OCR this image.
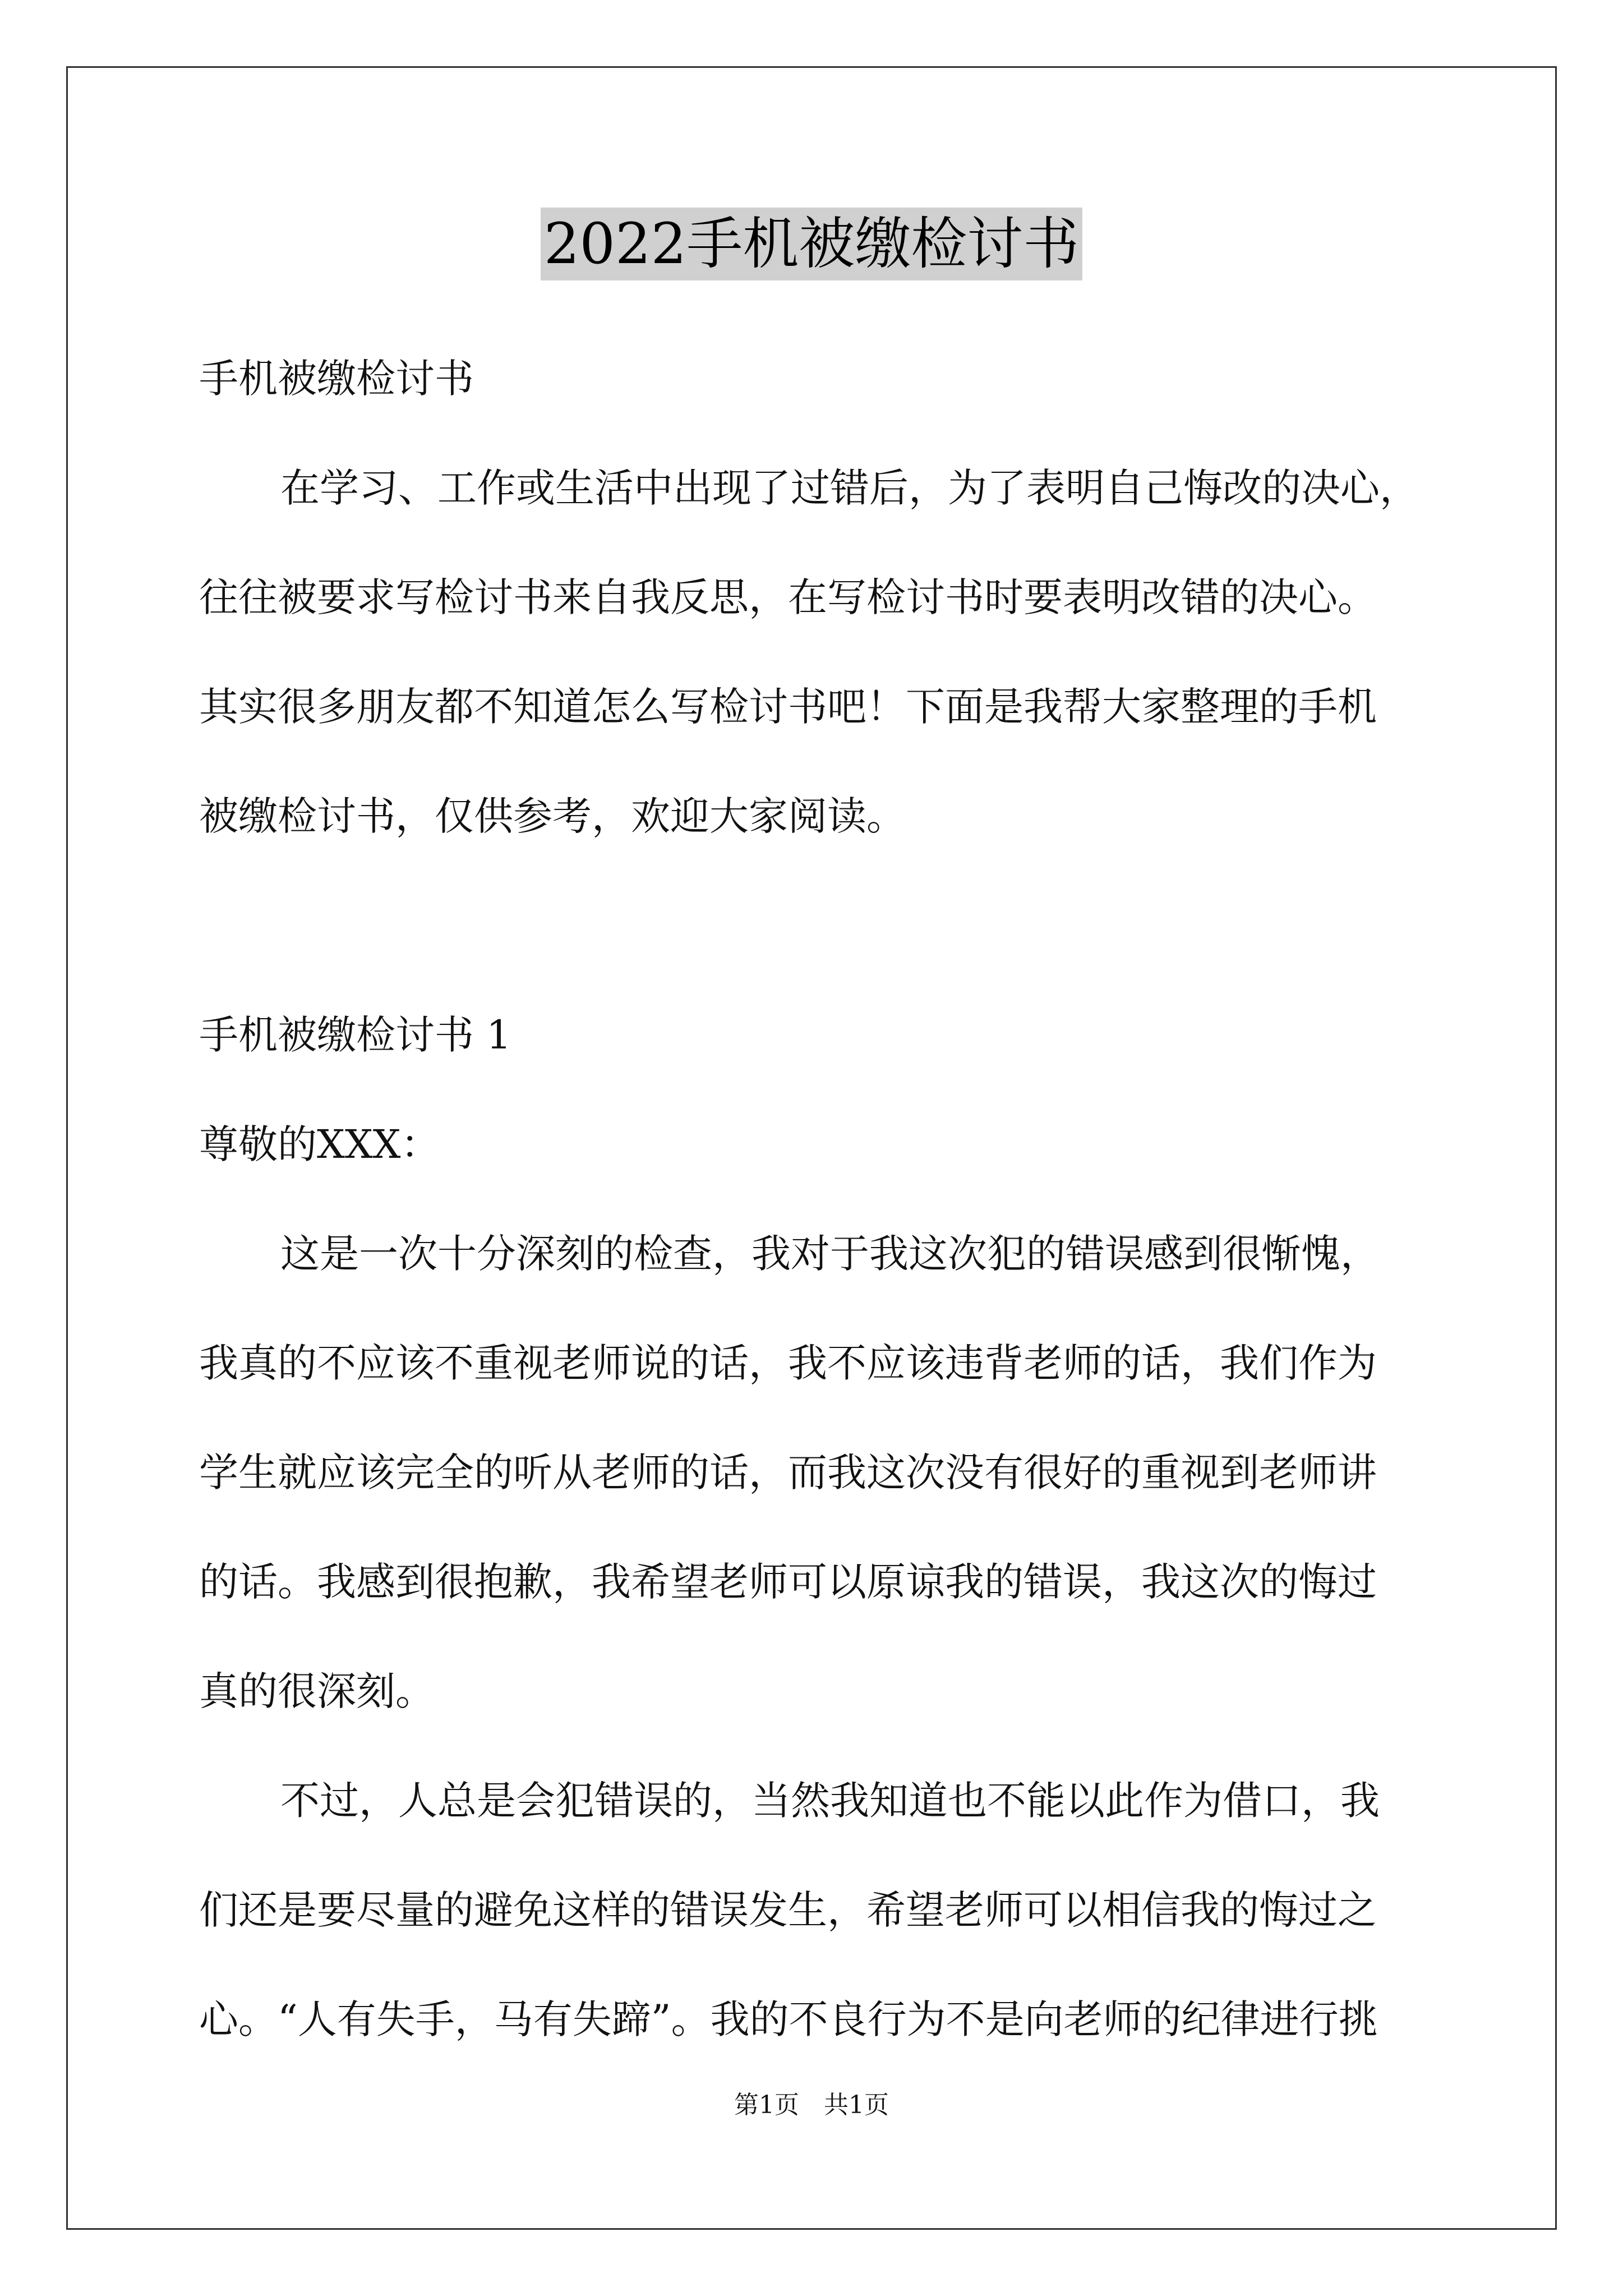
2022手机被缴检讨书
手机被缴检讨书
在学习、工作或生活中出现了过错后，为了表明自己悔改的决心，
往往被要求写检讨书来自我反思，在写检讨书时要表明改错的决心。
其实很多朋友都不知道怎么写检讨书吧！下面是我帮大家整理的手机
被缴检讨书，仅供参考，欢迎大家阅读。
手机被缴检讨书 1
尊敬的XXX：
这是一次十分深刻的检查，我对于我这次犯的错误感到很惭愧，
我真的不应该不重视老师说的话，我不应该违背老师的话，我们作为
学生就应该完全的听从老师的话，而我这次没有很好的重视到老师讲
的话。我感到很抱歉，我希望老师可以原谅我的错误，我这次的悔过
真的很深刻。
不过，人总是会犯错误的，当然我知道也不能以此作为借口，我
们还是要尽量的避免这样的错误发生，希望老师可以相信我的悔过之
心。“人有失手，马有失蹄”。我的不良行为不是向老师的纪律进行挑
第1页　共1页
